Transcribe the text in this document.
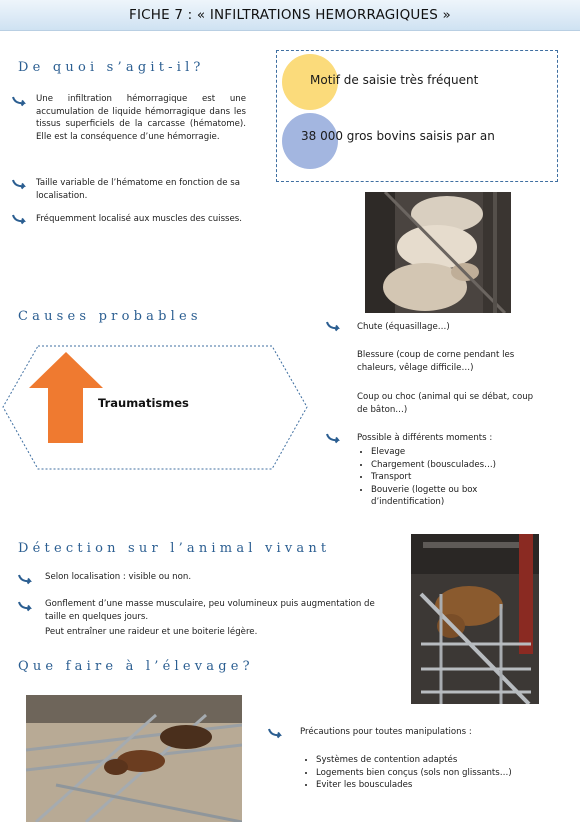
FICHE 7 : « INFILTRATIONS HEMORRAGIQUES »
De quoi s’agit-il?
Une infiltration hémorragique est une accumulation de liquide hémorragique dans les tissus superficiels de la carcasse (hématome). Elle est la conséquence d’une hémorragie.
Taille variable de l’hématome en fonction de sa localisation.
Fréquemment localisé aux muscles des cuisses.
Motif de saisie très fréquent
38 000 gros bovins saisis par an
Causes probables
Traumatismes
Chute (équasillage…)
Blessure (coup de corne pendant les chaleurs, vêlage difficile…)
Coup ou choc (animal qui se débat, coup de bâton…)
Possible à différents moments :
• Elevage
• Chargement (bousculades…)
• Transport
• Bouverie (logette ou box d’indentification)
Détection sur l’animal vivant
Selon localisation : visible ou non.
Gonflement d’une masse musculaire, peu volumineux puis augmentation de taille en quelques jours.
Peut entraîner une raideur et une boiterie légère.
Que faire à l’élevage?
Précautions pour toutes manipulations :
• Systèmes de contention adaptés
• Logements bien conçus (sols non glissants…)
• Eviter les bousculades
